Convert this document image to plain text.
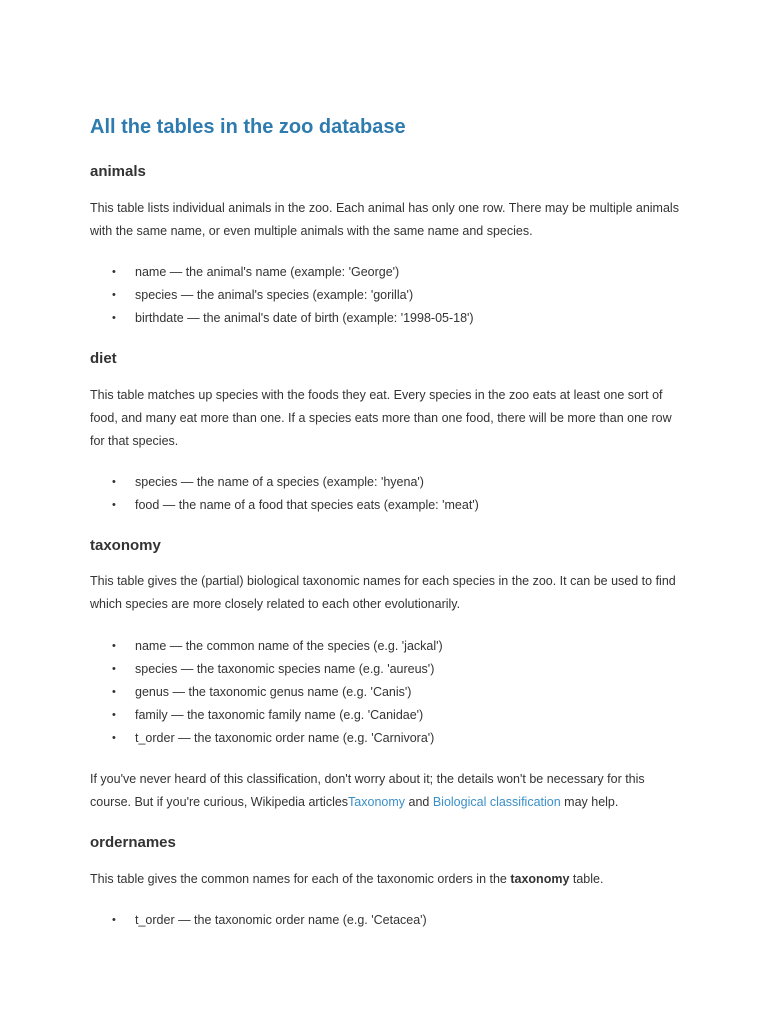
All the tables in the zoo database
animals

This table lists individual animals in the zoo. Each animal has only one row. There may be multiple animals with the same name, or even multiple animals with the same name and species.

• name — the animal's name (example: 'George')
• species — the animal's species (example: 'gorilla')
• birthdate — the animal's date of birth (example: '1998-05-18')
diet

This table matches up species with the foods they eat. Every species in the zoo eats at least one sort of food, and many eat more than one. If a species eats more than one food, there will be more than one row for that species.

• species — the name of a species (example: 'hyena')
• food — the name of a food that species eats (example: 'meat')
taxonomy

This table gives the (partial) biological taxonomic names for each species in the zoo. It can be used to find which species are more closely related to each other evolutionarily.

• name — the common name of the species (e.g. 'jackal')
• species — the taxonomic species name (e.g. 'aureus')
• genus — the taxonomic genus name (e.g. 'Canis')
• family — the taxonomic family name (e.g. 'Canidae')
• t_order — the taxonomic order name (e.g. 'Carnivora')

If you've never heard of this classification, don't worry about it; the details won't be necessary for this course. But if you're curious, Wikipedia articlesTaxonomy and Biological classification may help.

ordernames

This table gives the common names for each of the taxonomic orders in the taxonomy table.

• t_order — the taxonomic order name (e.g. 'Cetacea')
